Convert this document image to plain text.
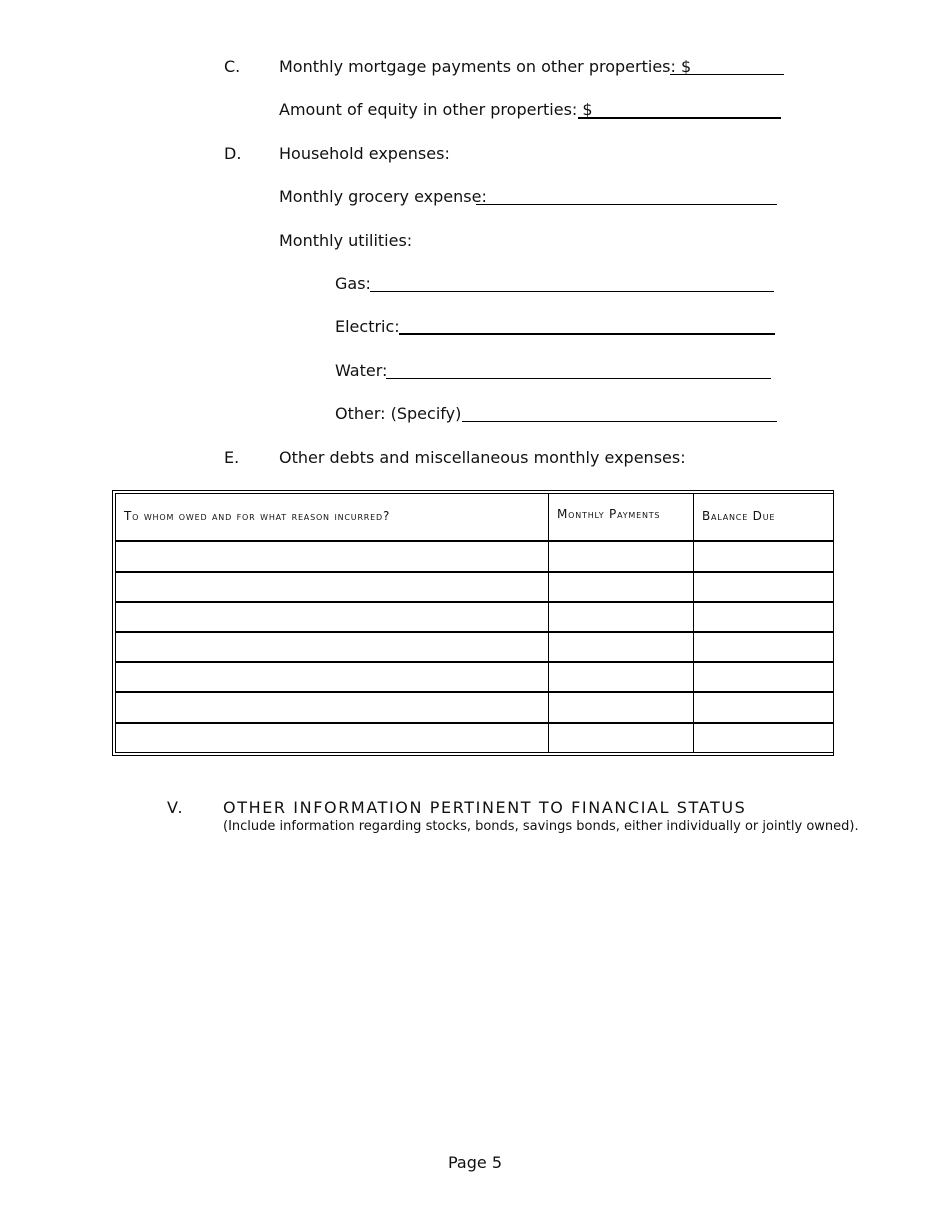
C. Monthly mortgage payments on other properties: $
Amount of equity in other properties: $
D. Household expenses:
Monthly grocery expense:
Monthly utilities:
Gas:
Electric:
Water:
Other: (Specify)
E. Other debts and miscellaneous monthly expenses:
To whom owed and for what reason incurred?	Monthly Payments	Balance Due

V. OTHER INFORMATION PERTINENT TO FINANCIAL STATUS
(Include information regarding stocks, bonds, savings bonds, either individually or jointly owned).
Page 5
